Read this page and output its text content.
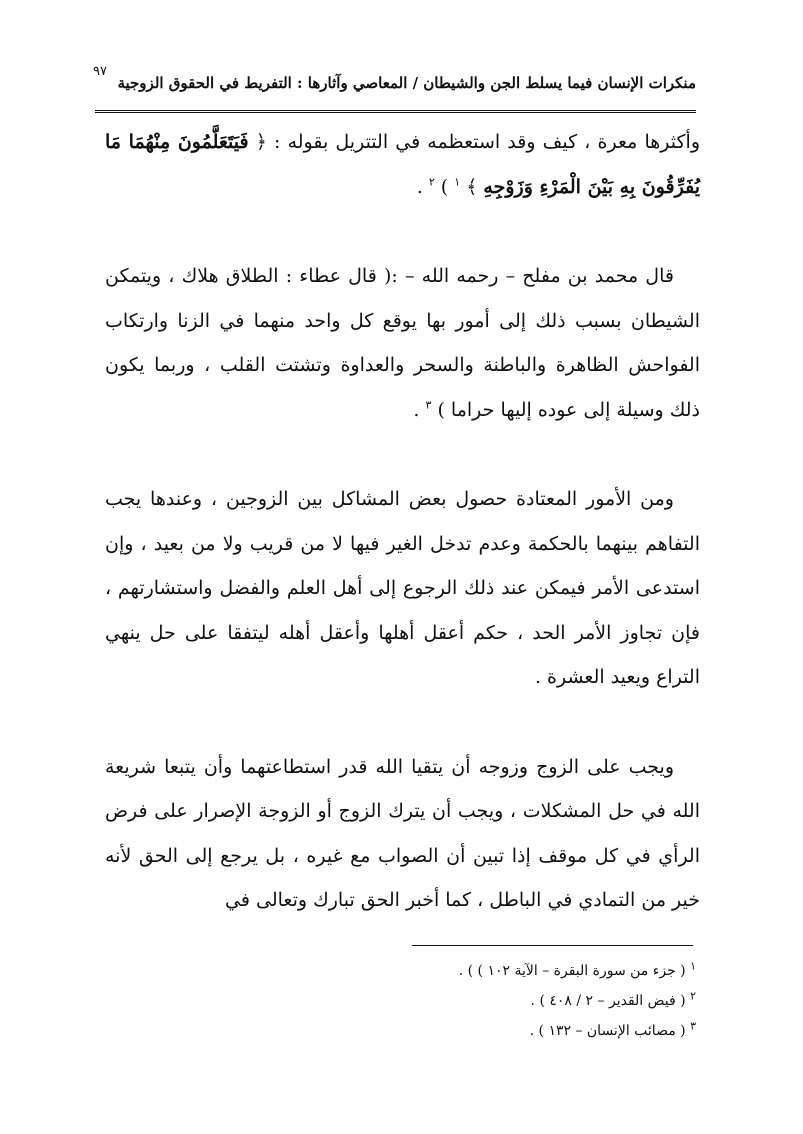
٩٧
منكرات الإنسان فيما يسلط الجن والشيطان / المعاصي وآثارها : التفريط في الحقوق الزوجية

وأكثرها معرة ، كيف وقد استعظمه في التتريل بقوله : ﴿ فَيَتَعَلَّمُونَ مِنْهُمَا مَا يُفَرِّقُونَ بِهِ بَيْنَ الْمَرْءِ وَزَوْجِهِ ﴾ $^١$ ) $^٢$ .

قال محمد بن مفلح – رحمه الله – :( قال عطاء : الطلاق هلاك ، ويتمكن الشيطان بسبب ذلك إلى أمور بها يوقع كل واحد منهما في الزنا وارتكاب الفواحش الظاهرة والباطنة والسحر والعداوة وتشتت القلب ، وربما يكون ذلك وسيلة إلى عوده إليها حراما ) $^٣$ .

ومن الأمور المعتادة حصول بعض المشاكل بين الزوجين ، وعندها يجب التفاهم بينهما بالحكمة وعدم تدخل الغير فيها لا من قريب ولا من بعيد ، وإن استدعى الأمر فيمكن عند ذلك الرجوع إلى أهل العلم والفضل واستشارتهم ، فإن تجاوز الأمر الحد ، حكم أعقل أهلها وأعقل أهله ليتفقا على حل ينهي التراع ويعيد العشرة .

ويجب على الزوج وزوجه أن يتقيا الله قدر استطاعتهما وأن يتبعا شريعة الله في حل المشكلات ، ويجب أن يترك الزوج أو الزوجة الإصرار على فرض الرأي في كل موقف إذا تبين أن الصواب مع غيره ، بل يرجع إلى الحق لأنه خير من التمادي في الباطل ، كما أخبر الحق تبارك وتعالى في

$^١$ ( جزء من سورة البقرة – الآية ١٠٢ ) ) .
$^٢$ ( فيض القدير – ٢ / ٤٠٨ ) .
$^٣$ ( مصائب الإنسان – ١٣٢ ) .
